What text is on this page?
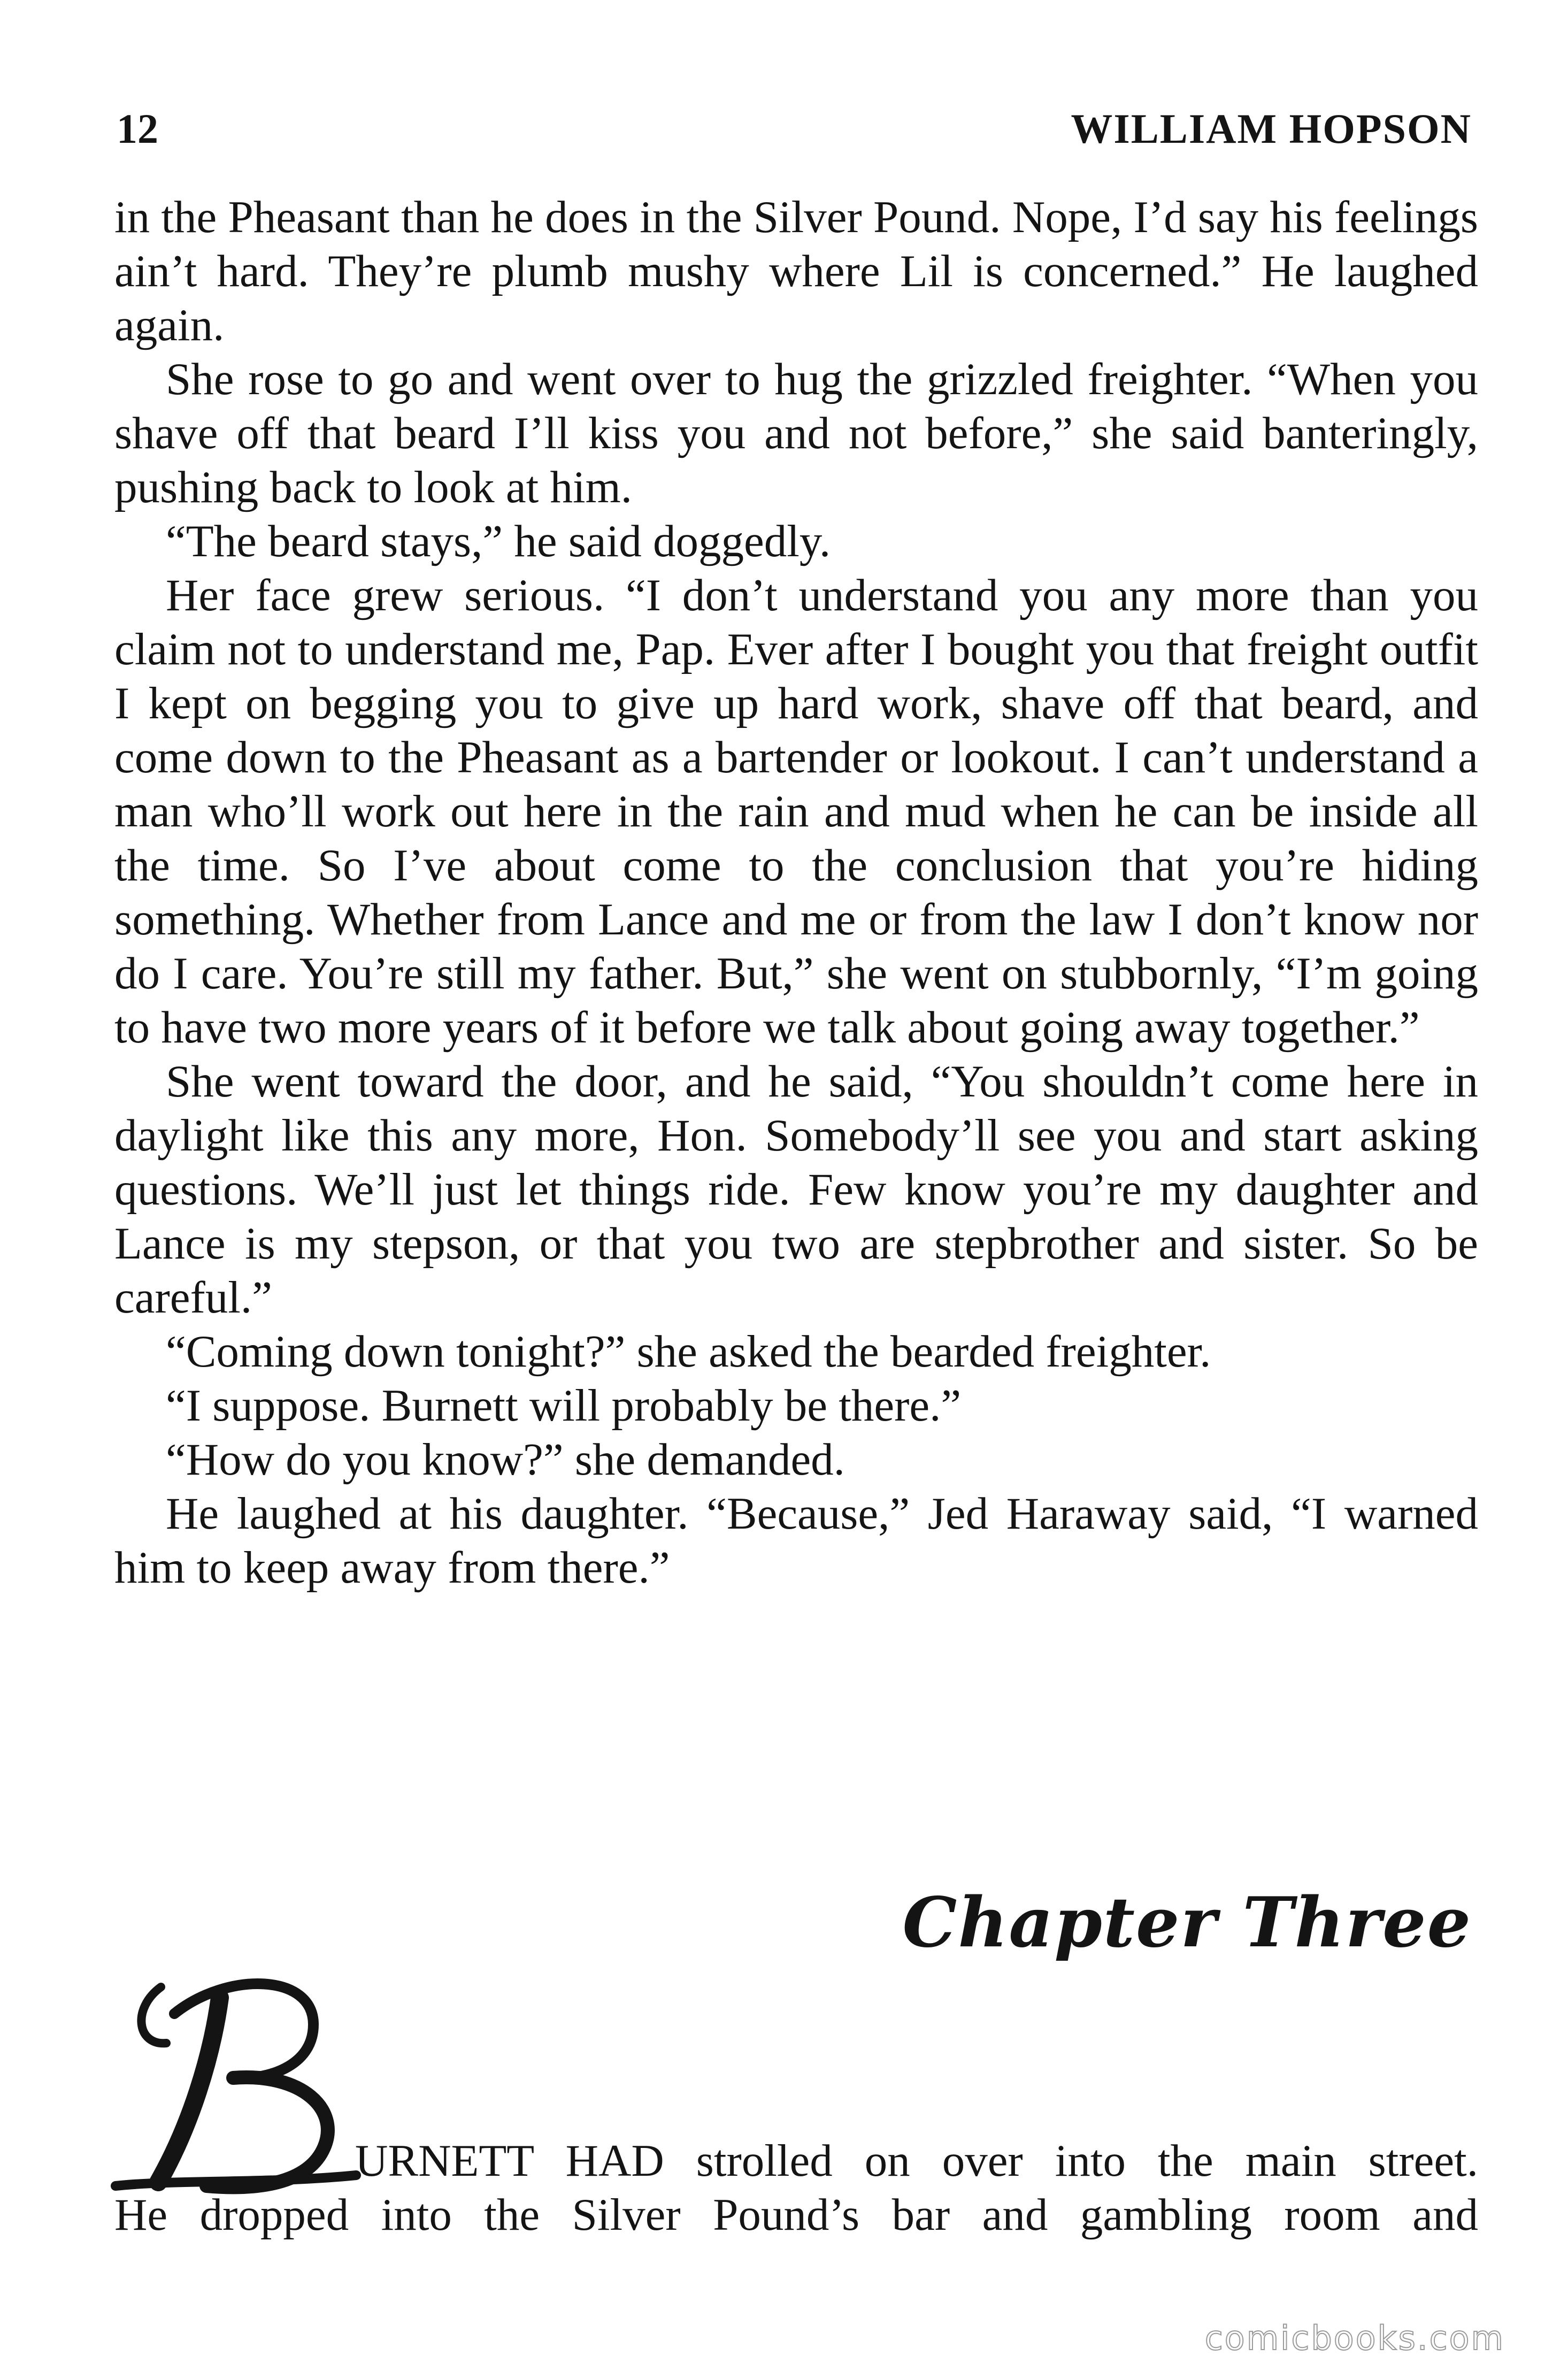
12	WILLIAM HOPSON

in the Pheasant than he does in the Silver Pound. Nope, I’d say his feelings ain’t hard. They’re plumb mushy where Lil is concerned.” He laughed again.

She rose to go and went over to hug the grizzled freighter. “When you shave off that beard I’ll kiss you and not before,” she said banteringly, pushing back to look at him.

“The beard stays,” he said doggedly.

Her face grew serious. “I don’t understand you any more than you claim not to understand me, Pap. Ever after I bought you that freight outfit I kept on begging you to give up hard work, shave off that beard, and come down to the Pheasant as a bartender or lookout. I can’t understand a man who’ll work out here in the rain and mud when he can be inside all the time. So I’ve about come to the conclusion that you’re hiding something. Whether from Lance and me or from the law I don’t know nor do I care. You’re still my father. But,” she went on stubbornly, “I’m going to have two more years of it before we talk about going away together.”

She went toward the door, and he said, “You shouldn’t come here in daylight like this any more, Hon. Somebody’ll see you and start asking questions. We’ll just let things ride. Few know you’re my daughter and Lance is my stepson, or that you two are stepbrother and sister. So be careful.”

“Coming down tonight?” she asked the bearded freighter.

“I suppose. Burnett will probably be there.”

“How do you know?” she demanded.

He laughed at his daughter. “Because,” Jed Haraway said, “I warned him to keep away from there.”

Chapter Three
URNETT HAD strolled on over into the main street.
He dropped into the Silver Pound’s bar and gambling room and
comicbooks.com
